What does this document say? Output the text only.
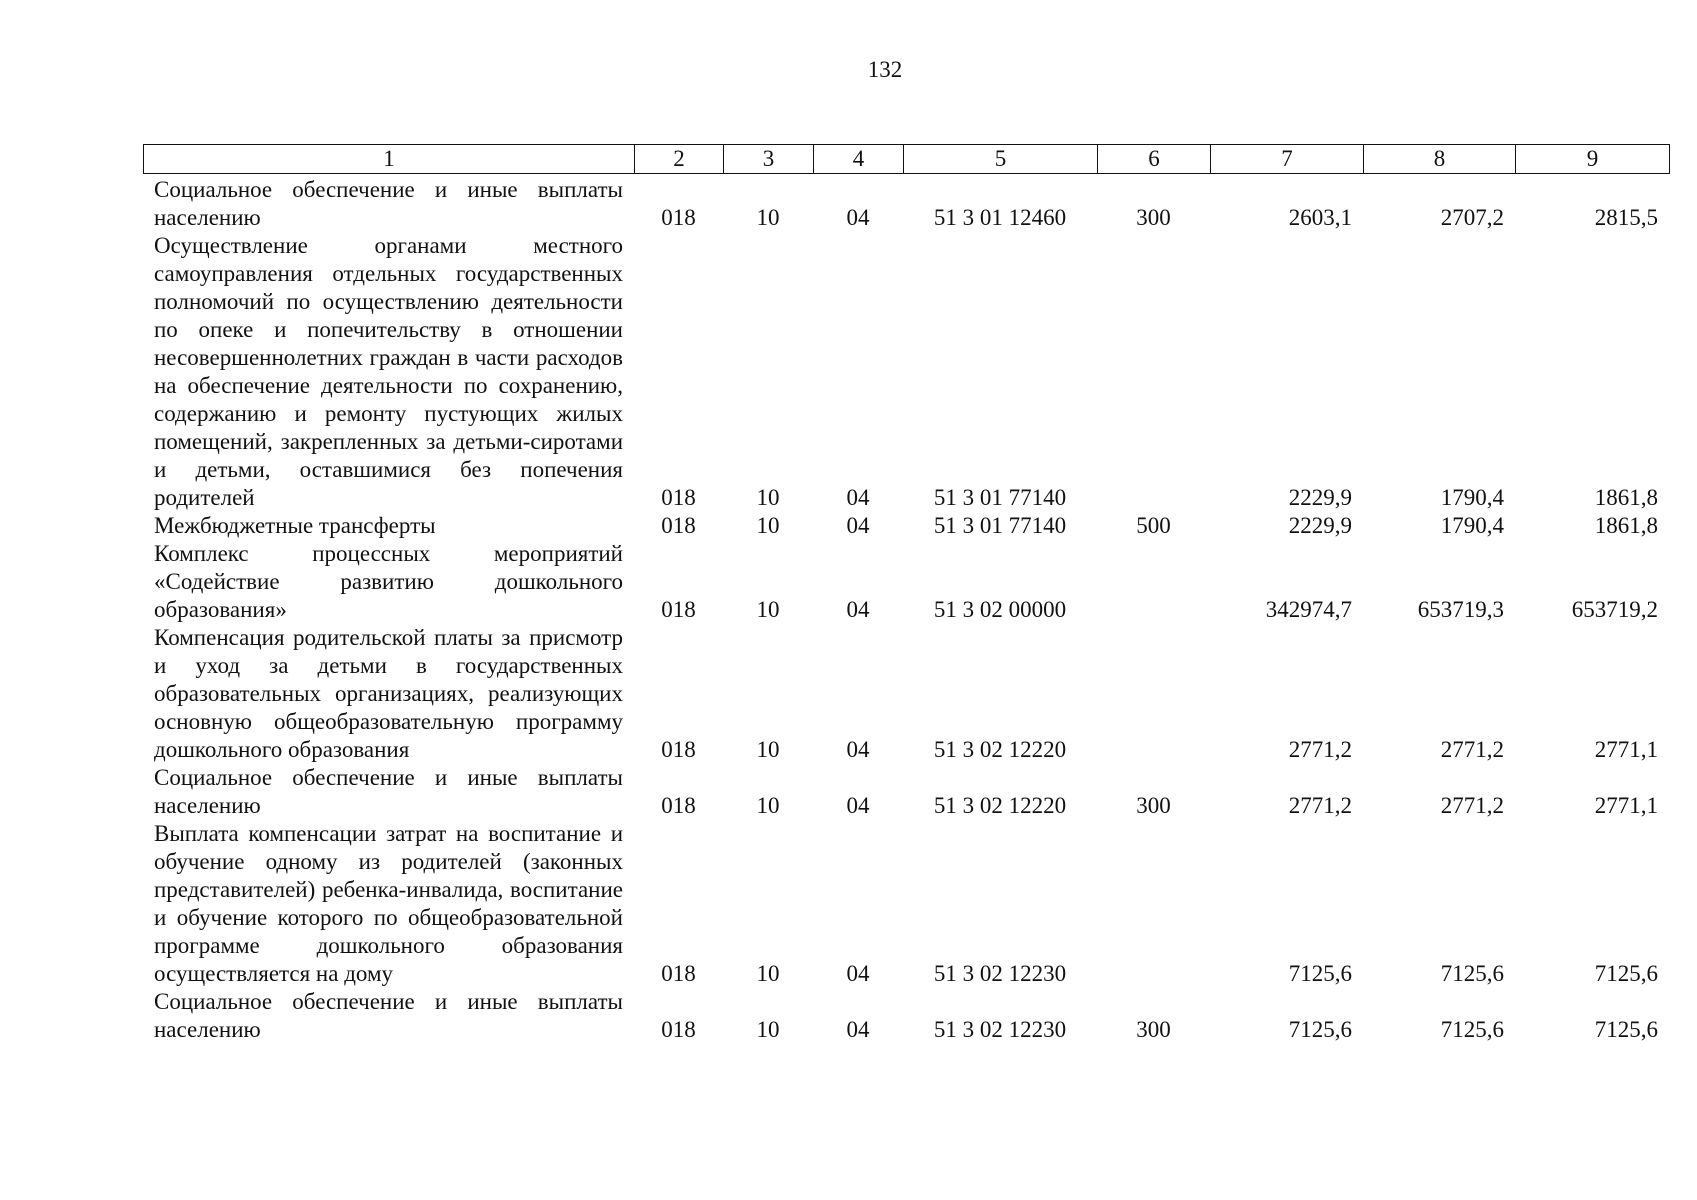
132
1	2	3	4	5	6	7	8	9
Социальное обеспечение и иные выплаты населению	018	10	04	51 3 01 12460	300	2603,1	2707,2	2815,5
Осуществление органами местного самоуправления отдельных государственных полномочий по осуществлению деятельности по опеке и попечительству в отношении несовершеннолетних граждан в части расходов на обеспечение деятельности по сохранению, содержанию и ремонту пустующих жилых помещений, закрепленных за детьми-сиротами и детьми, оставшимися без попечения родителей	018	10	04	51 3 01 77140		2229,9	1790,4	1861,8
Межбюджетные трансферты	018	10	04	51 3 01 77140	500	2229,9	1790,4	1861,8
Комплекс процессных мероприятий «Содействие развитию дошкольного образования»	018	10	04	51 3 02 00000		342974,7	653719,3	653719,2
Компенсация родительской платы за присмотр и уход за детьми в государственных образовательных организациях, реализующих основную общеобразовательную программу дошкольного образования	018	10	04	51 3 02 12220		2771,2	2771,2	2771,1
Социальное обеспечение и иные выплаты населению	018	10	04	51 3 02 12220	300	2771,2	2771,2	2771,1
Выплата компенсации затрат на воспитание и обучение одному из родителей (законных представителей) ребенка-инвалида, воспитание и обучение которого по общеобразовательной программе дошкольного образования осуществляется на дому	018	10	04	51 3 02 12230		7125,6	7125,6	7125,6
Социальное обеспечение и иные выплаты населению	018	10	04	51 3 02 12230	300	7125,6	7125,6	7125,6
